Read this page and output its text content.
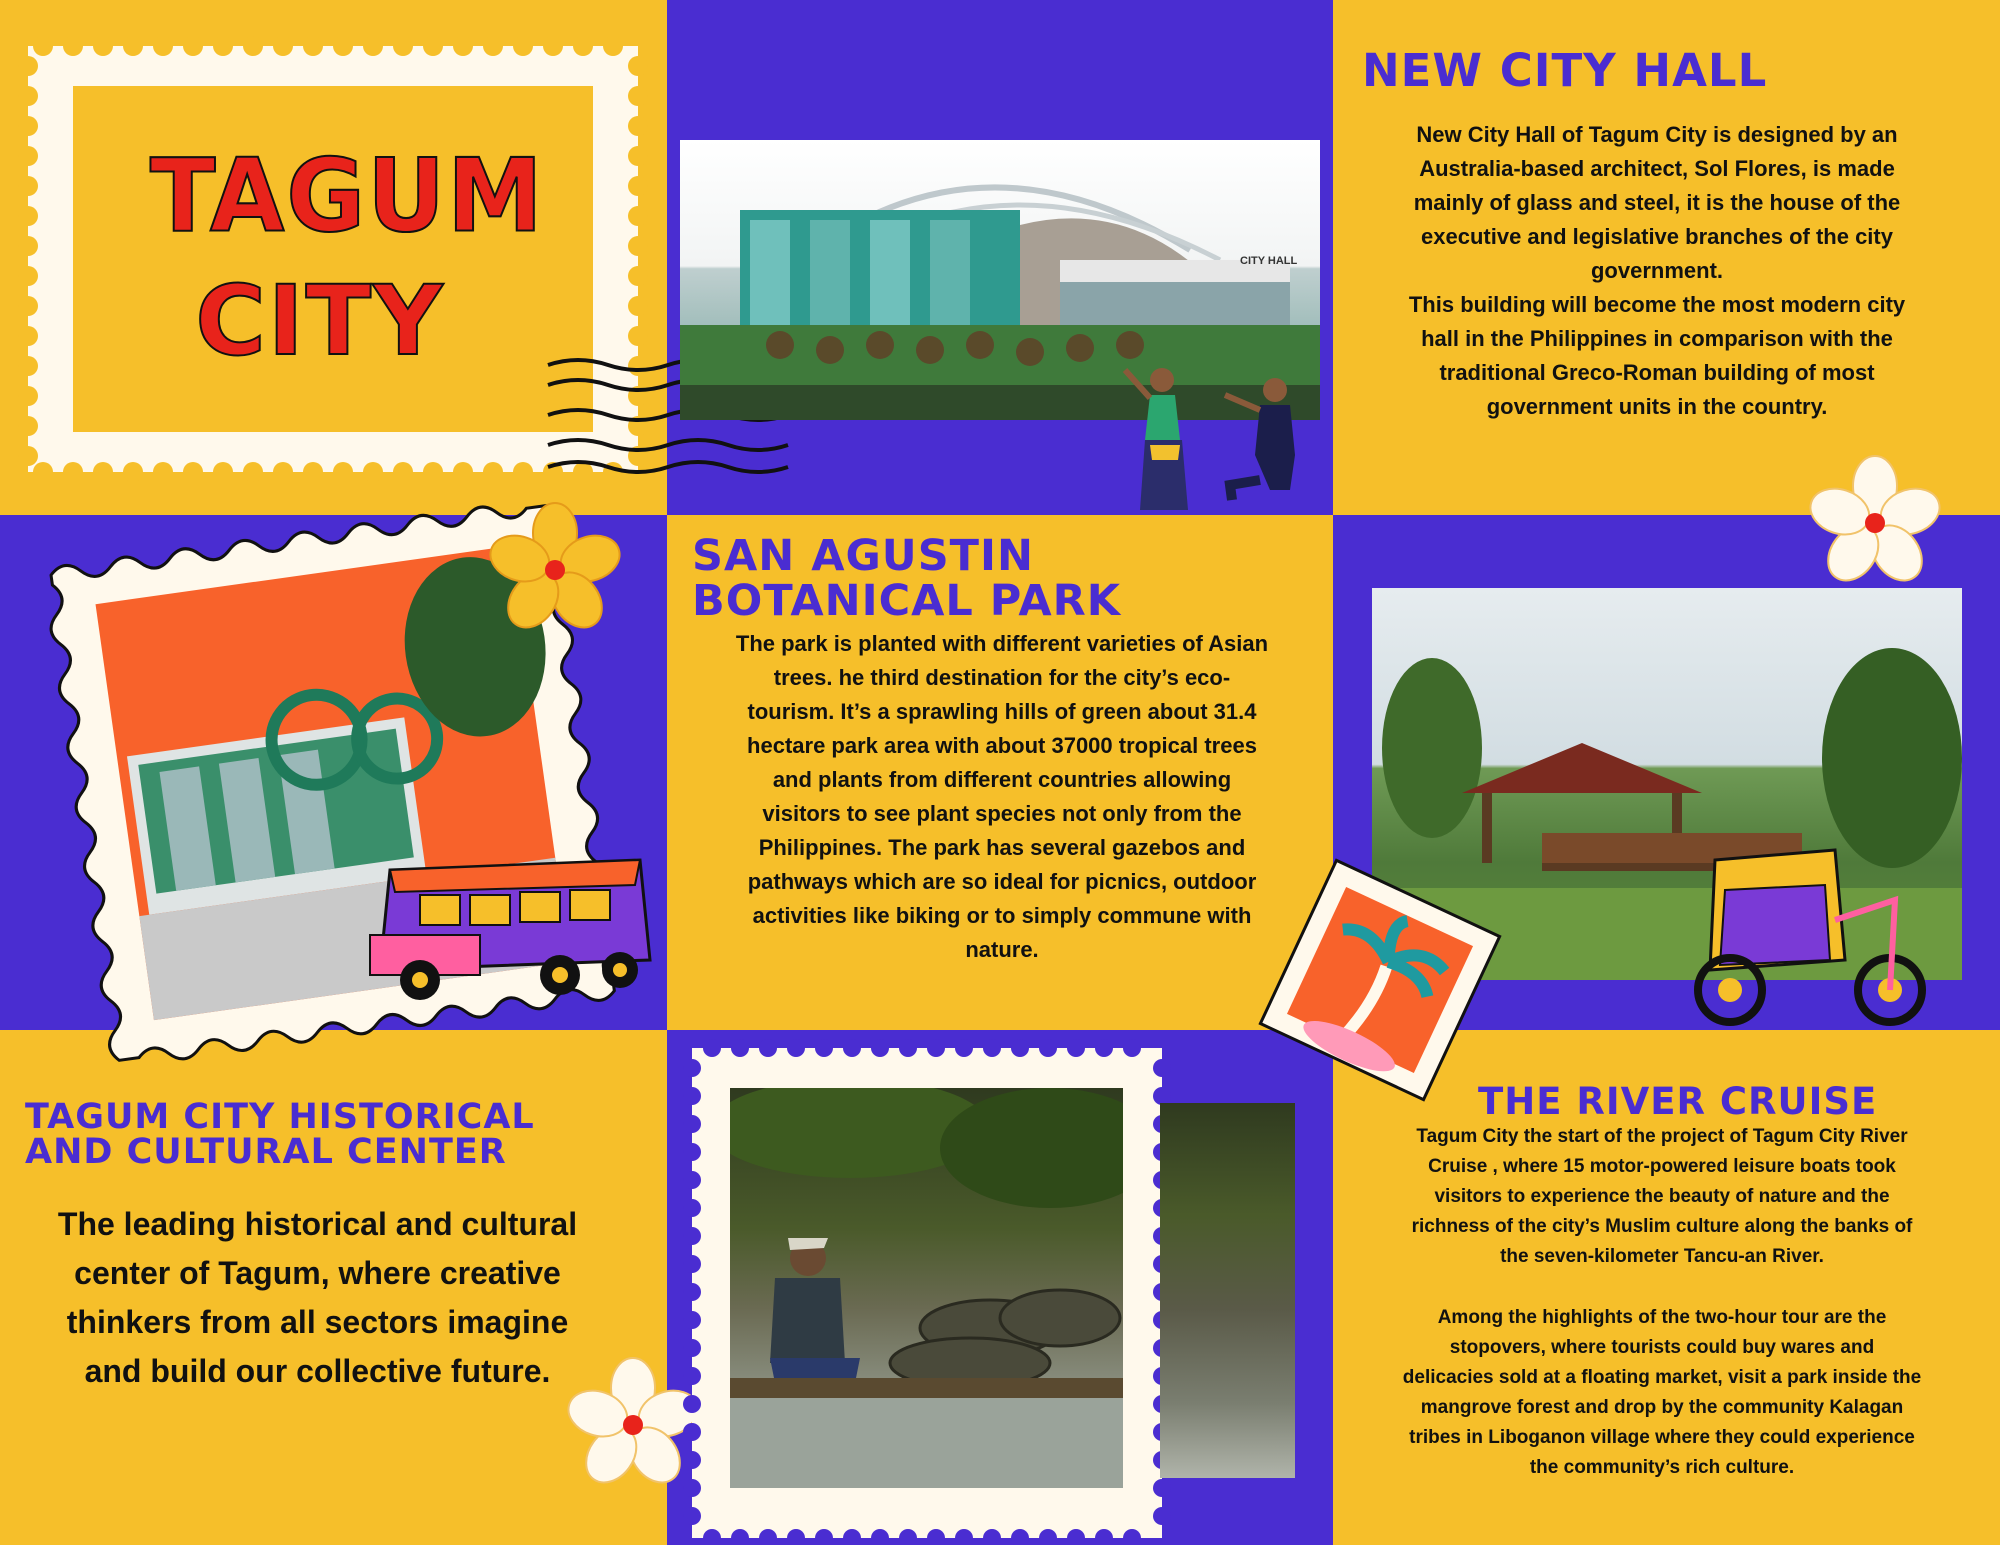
TAGUM
CITY
CITY HALL
NEW CITY HALL
New City Hall of Tagum City is designed by an Australia-based architect, Sol Flores, is made mainly of glass and steel, it is the house of the executive and legislative branches of the city government.
This building will become the most modern city hall in the Philippines in comparison with the traditional Greco-Roman building of most government units in the country.
SAN AGUSTIN
BOTANICAL PARK
The park is planted with different varieties of Asian trees. he third destination for the city’s eco-tourism. It’s a sprawling hills of green about 31.4 hectare park area with about 37000 tropical trees and plants from different countries allowing visitors to see plant species not only from the Philippines. The park has several gazebos and pathways which are so ideal for picnics, outdoor activities like biking or to simply commune with nature.
TAGUM CITY HISTORICAL
AND CULTURAL CENTER
The leading historical and cultural center of Tagum, where creative thinkers from all sectors imagine and build our collective future.
THE RIVER CRUISE
Tagum City the start of the project of Tagum City River Cruise , where 15 motor-powered leisure boats took visitors to experience the beauty of nature and the richness of the city’s Muslim culture along the banks of the seven-kilometer Tancu-an River.
Among the highlights of the two-hour tour are the stopovers, where tourists could buy wares and delicacies sold at a floating market, visit a park inside the mangrove forest and drop by the community Kalagan tribes in Liboganon village where they could experience the community’s rich culture.
